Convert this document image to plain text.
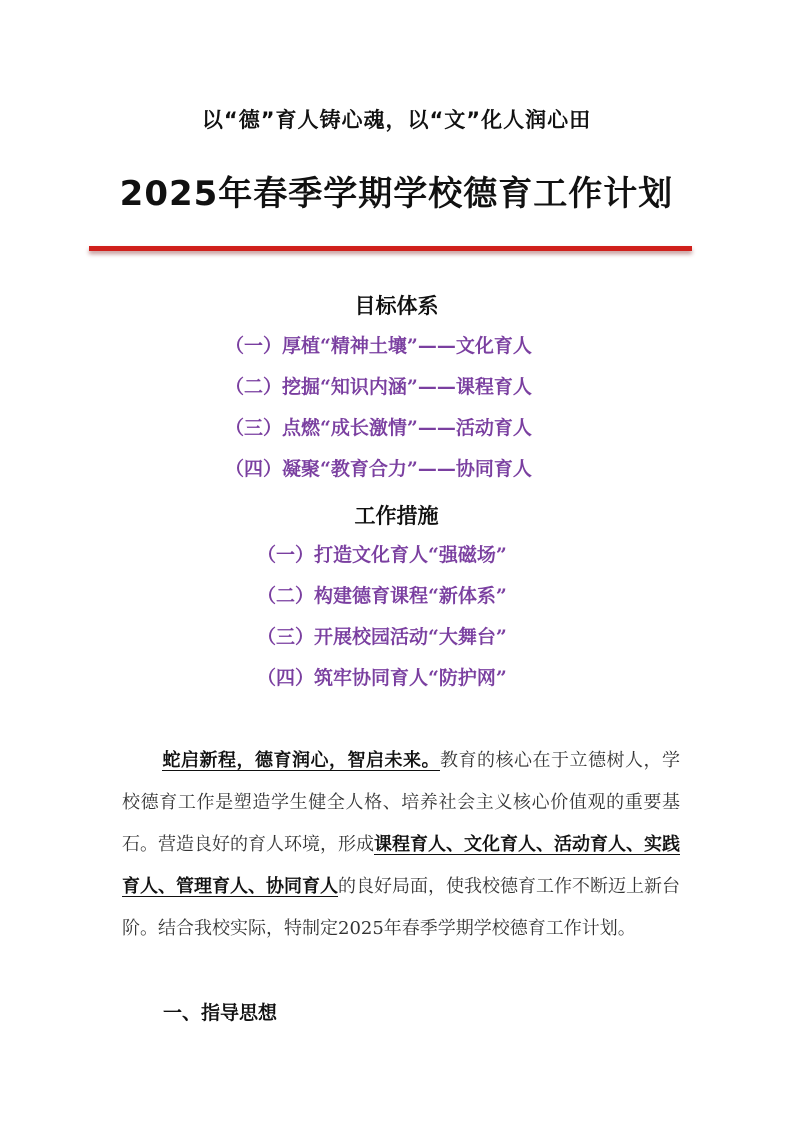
以“德”育人铸心魂，以“文”化人润心田
2025年春季学期学校德育工作计划
目标体系
（一）厚植“精神土壤”——文化育人
（二）挖掘“知识内涵”——课程育人
（三）点燃“成长激情”——活动育人
（四）凝聚“教育合力”——协同育人
工作措施
（一）打造文化育人“强磁场”
（二）构建德育课程“新体系”
（三）开展校园活动“大舞台”
（四）筑牢协同育人“防护网”

蛇启新程，德育润心，智启未来。教育的核心在于立德树人，学校德育工作是塑造学生健全人格、培养社会主义核心价值观的重要基石。营造良好的育人环境，形成课程育人、文化育人、活动育人、实践育人、管理育人、协同育人的良好局面，使我校德育工作不断迈上新台阶。结合我校实际，特制定2025年春季学期学校德育工作计划。

一、指导思想
